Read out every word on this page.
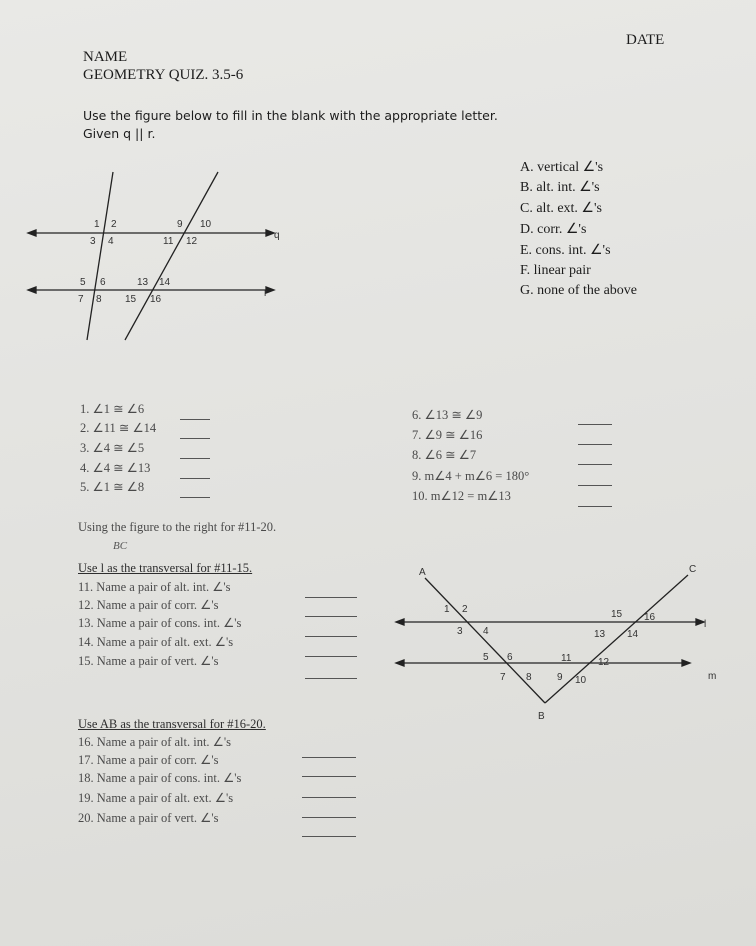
DATE
NAME
GEOMETRY QUIZ. 3.5-6
Use the figure below to fill in the blank with the appropriate letter.
Given q || r.
A. vertical ∠'s
B. alt. int. ∠'s
C. alt. ext. ∠'s
D. corr. ∠'s
E. cons. int. ∠'s
F. linear pair
G. none of the above
q
r
1 2
3 4
5 6
7 8
9 10
11 12
13 14
15 16
1. ∠1 ≅ ∠6
2. ∠11 ≅ ∠14
3. ∠4 ≅ ∠5
4. ∠4 ≅ ∠13
5. ∠1 ≅ ∠8
6. ∠13 ≅ ∠9
7. ∠9 ≅ ∠16
8. ∠6 ≅ ∠7
9. m∠4 + m∠6 = 180°
10. m∠12 = m∠13
Using the figure to the right for #11-20.
BC
Use l as the transversal for #11-15.
11. Name a pair of alt. int. ∠'s
12. Name a pair of corr. ∠'s
13. Name a pair of cons. int. ∠'s
14. Name a pair of alt. ext. ∠'s
15. Name a pair of vert. ∠'s
Use AB as the transversal for #16-20.
16. Name a pair of alt. int. ∠'s
17. Name a pair of corr. ∠'s
18. Name a pair of cons. int. ∠'s
19. Name a pair of alt. ext. ∠'s
20. Name a pair of vert. ∠'s
A
B
C
l
m
1 2
3 4
5 6
7 8	9 10
11	12
13 14
15 16
